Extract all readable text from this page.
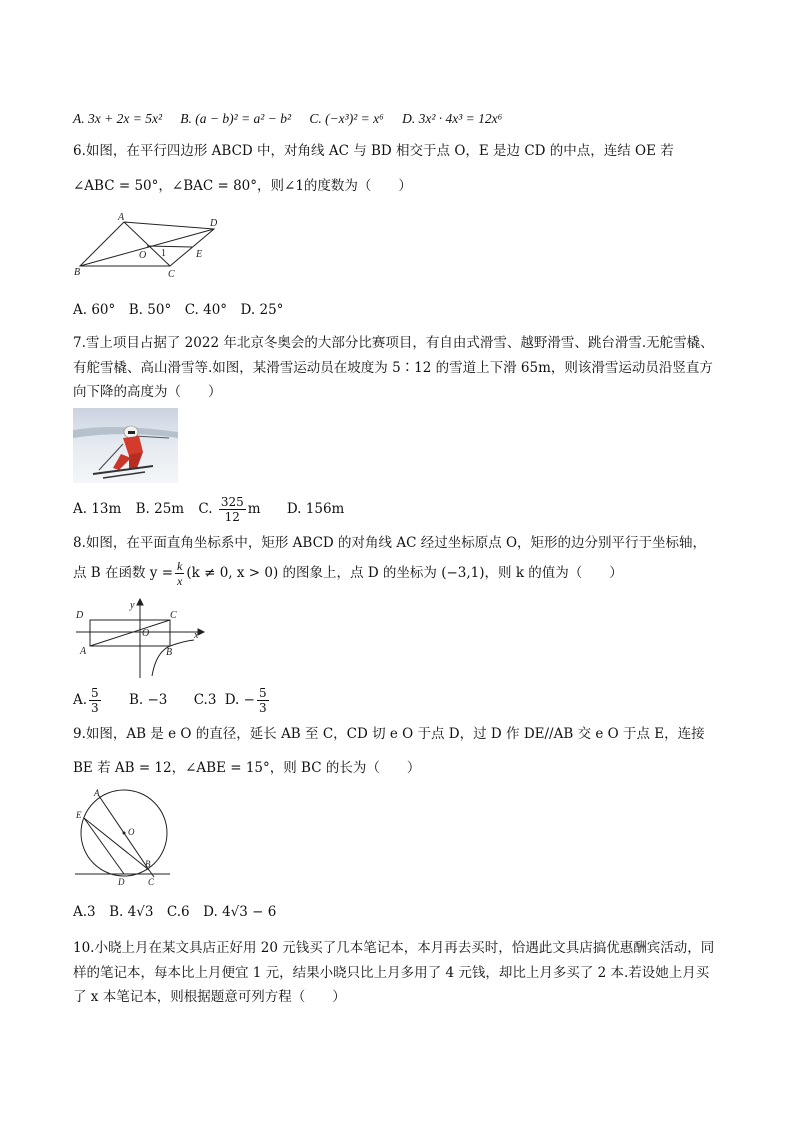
A. 3x + 2x = 5x² B. (a − b)² = a² − b² C. (−x³)² = x⁶ D. 3x² · 4x³ = 12x⁶
6.如图，在平行四边形 ABCD 中，对角线 AC 与 BD 相交于点 O，E 是边 CD 的中点，连结 OE 若
∠ABC = 50°，∠BAC = 80°，则∠1的度数为（　　）
A
D
O 1	E
B	C
A. 60°　B. 50°　C. 40°　D. 25°
7.雪上项目占据了 2022 年北京冬奥会的大部分比赛项目，有自由式滑雪、越野滑雪、跳台滑雪.无舵雪橇、
有舵雪橇、高山滑雪等.如图，某滑雪运动员在坡度为 5∶12 的雪道上下滑 65m，则该滑雪运动员沿竖直方
向下降的高度为（　　）
A. 13m B. 25m C. $\frac{325}{12}$ m D. 156m
8.如图，在平面直角坐标系中，矩形 ABCD 的对角线 AC 经过坐标原点 O，矩形的边分别平行于坐标轴，
点 B 在函数 $y = \frac{k}{x} (k \ne 0$, x > 0) 的图象上，点 D 的坐标为 (−3,1)，则 k 的值为（　　）
y
D	C
O	x
A	B
A. $\frac{5}{3} B$. −3 C.3 D. − $\frac{5}{3}$
9.如图，AB 是 e O 的直径，延长 AB 至 C，CD 切 e O 于点 D，过 D 作 DE//AB 交 e O 于点 E，连接
BE 若 AB = 12，∠ABE = 15°，则 BC 的长为（　　）
A
E
O
B
D	C
A.3　B. 4√3　C.6　D. 4√3 − 6
10.小晓上月在某文具店正好用 20 元钱买了几本笔记本，本月再去买时，恰遇此文具店搞优惠酬宾活动，同
样的笔记本，每本比上月便宜 1 元，结果小晓只比上月多用了 4 元钱，却比上月多买了 2 本.若设她上月买
了 x 本笔记本，则根据题意可列方程（　　）
